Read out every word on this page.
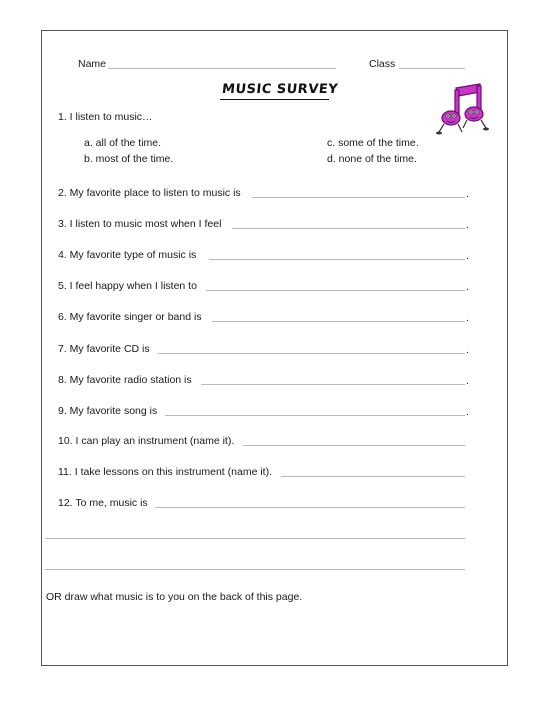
Name	Class
MUSIC SURVEY
1. I listen to music…
a. all of the time.
b. most of the time.
c. some of the time.
d. none of the time.
2. My favorite place to listen to music is	.
3. I listen to music most when I feel	.
4. My favorite type of music is	.
5. I feel happy when I listen to	.
6. My favorite singer or band is	.
7. My favorite CD is	.
8. My favorite radio station is	.
9. My favorite song is	.
10. I can play an instrument (name it).
11. I take lessons on this instrument (name it).
12. To me, music is
OR draw what music is to you on the back of this page.
